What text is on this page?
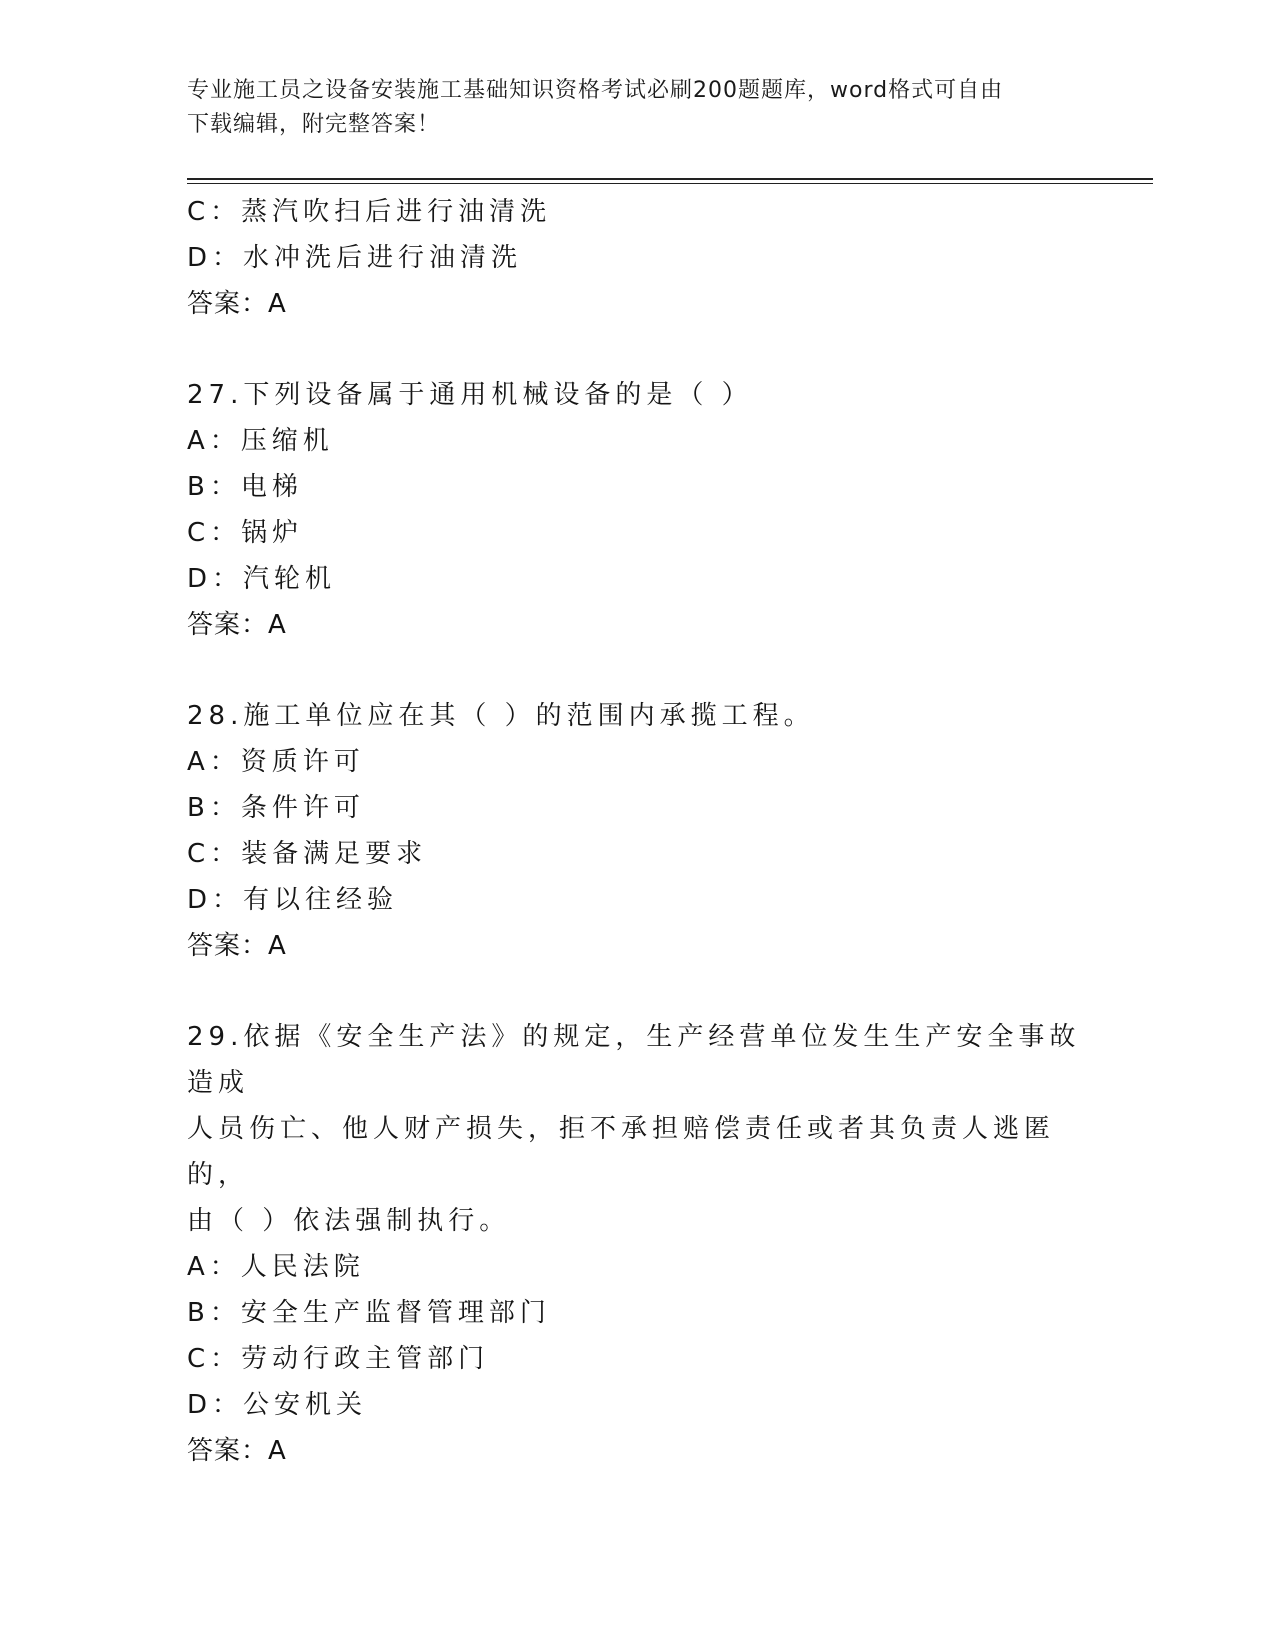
专业施工员之设备安装施工基础知识资格考试必刷200题题库，word格式可自由
下载编辑，附完整答案！
C：蒸汽吹扫后进行油清洗
D：水冲洗后进行油清洗
答案：A
27.下列设备属于通用机械设备的是（ ）
A：压缩机
B：电梯
C：锅炉
D：汽轮机
答案：A
28.施工单位应在其（ ）的范围内承揽工程。
A：资质许可
B：条件许可
C：装备满足要求
D：有以往经验
答案：A
29.依据《安全生产法》的规定，生产经营单位发生生产安全事故造成
人员伤亡、他人财产损失，拒不承担赔偿责任或者其负责人逃匿的，
由（ ）依法强制执行。
A：人民法院
B：安全生产监督管理部门
C：劳动行政主管部门
D：公安机关
答案：A
